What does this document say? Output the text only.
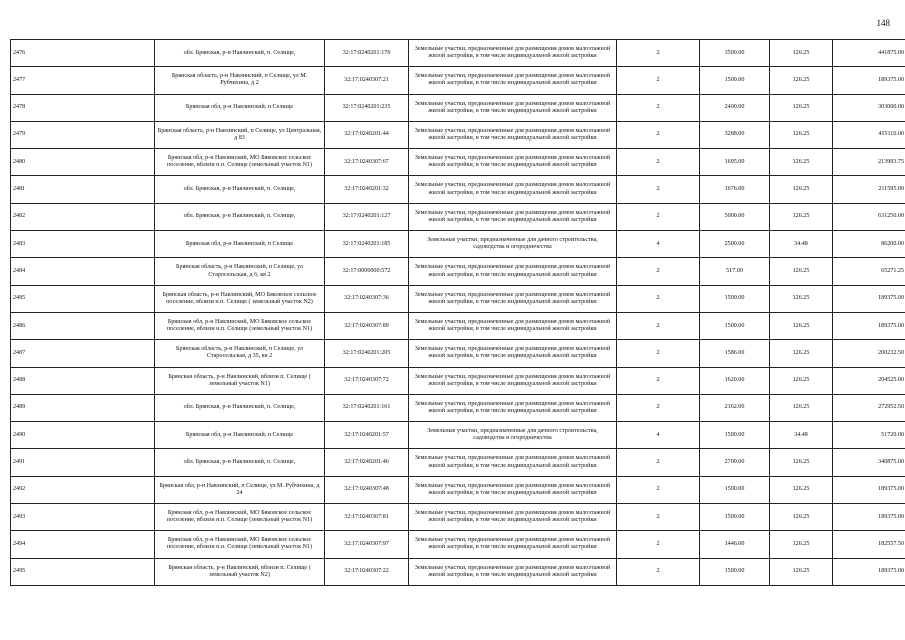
148
2476	обл. Брянская, р-н Навлинский, п. Селище,	32:17:0240201:170	Земельные участки, предназначенные для размещения домов малоэтажной жилой застройки, в том числе индивидуальной жилой застройки	2	3500.00	126.25	441875.00
2477	Брянская область, р-н Навлинский, п Селище, ул М. Рубчихина, д 2	32:17:0240307:21	Земельные участки, предназначенные для размещения домов малоэтажной жилой застройки, в том числе индивидуальной жилой застройки	2	1500.00	126.25	189375.00
2478	Брянская обл, р-н Навлинский, п Селище	32:17:0240201:235	Земельные участки, предназначенные для размещения домов малоэтажной жилой застройки, в том числе индивидуальной жилой застройки	2	2400.00	126.25	303000.00
2479	Брянская область, р-н Навлинский, п Селище, ул Центральная, д 83	32:17:0240201:44	Земельные участки, предназначенные для размещения домов малоэтажной жилой застройки, в том числе индивидуальной жилой застройки	2	3288.00	126.25	415110.00
2480	Брянская обл, р-н Навлинский, МО Бяковское сельское поселение, вблизи н.п. Селище (земельный участок N1)	32:17:0240307:67	Земельные участки, предназначенные для размещения домов малоэтажной жилой застройки, в том числе индивидуальной жилой застройки	2	1695.00	126.25	213993.75
2481	обл. Брянская, р-н Навлинский, п. Селище,	32:17:0240201:32	Земельные участки, предназначенные для размещения домов малоэтажной жилой застройки, в том числе индивидуальной жилой застройки	2	1676.00	126.25	211595.00
2482	обл. Брянская, р-н Навлинский, п. Селище,	32:17:0240201:127	Земельные участки, предназначенные для размещения домов малоэтажной жилой застройки, в том числе индивидуальной жилой застройки	2	5000.00	126.25	631250.00
2483	Брянская обл, р-н Навлинский, п Селище	32:17:0240201:185	Земельные участки, предназначенные для дачного строительства, садоводства и огородничества	4	2500.00	34.48	86200.00
2484	Брянская область, р-н Навлинский, п Селище, ул Старосельская, д 6, кв 2	32:17:0000000:572	Земельные участки, предназначенные для размещения домов малоэтажной жилой застройки, в том числе индивидуальной жилой застройки	2	517.00	126.25	65271.25
2485	Брянская область, р-н Навлинский, МО Бяковское сельское поселение, вблизи н.п. Селище ( земельный участок N2)	32:17:0240307:36	Земельные участки, предназначенные для размещения домов малоэтажной жилой застройки, в том числе индивидуальной жилой застройки	2	1500.00	126.25	189375.00
2486	Брянская обл, р-н Навлинский, МО Бяковское сельское поселение, вблизи н.п. Селище (земельный участок N1)	32:17:0240307:89	Земельные участки, предназначенные для размещения домов малоэтажной жилой застройки, в том числе индивидуальной жилой застройки	2	1500.00	126.25	189375.00
2487	Брянская область, р-н Навлинский, п Селище, ул Старосельская, д 35, кв 2	32:17:0240201:205	Земельные участки, предназначенные для размещения домов малоэтажной жилой застройки, в том числе индивидуальной жилой застройки	2	1586.00	126.25	200232.50
2488	Брянская область, р-н Навлинский, вблизи п. Селище ( земельный участок N1)	32:17:0240307:72	Земельные участки, предназначенные для размещения домов малоэтажной жилой застройки, в том числе индивидуальной жилой застройки	2	1620.00	126.25	204525.00
2489	обл. Брянская, р-н Навлинский, п. Селище,	32:17:0240201:161	Земельные участки, предназначенные для размещения домов малоэтажной жилой застройки, в том числе индивидуальной жилой застройки	2	2162.00	126.25	272952.50
2490	Брянская обл, р-н Навлинский, п Селище	32:17:0240201:57	Земельные участки, предназначенные для дачного строительства, садоводства и огородничества	4	1500.00	34.48	51720.00
2491	обл. Брянская, р-н Навлинский, п. Селище,	32:17:0240201:46	Земельные участки, предназначенные для размещения домов малоэтажной жилой застройки, в том числе индивидуальной жилой застройки	2	2700.00	126.25	340875.00
2492	Брянская обл, р-н Навлинский, п Селище, ул М. Рубчихина, д 24	32:17:0240307:48	Земельные участки, предназначенные для размещения домов малоэтажной жилой застройки, в том числе индивидуальной жилой застройки	2	1500.00	126.25	189375.00
2493	Брянская обл, р-н Навлинский, МО Бяковское сельское поселение, вблизи н.п. Селище (земельный участок N1)	32:17:0240307:81	Земельные участки, предназначенные для размещения домов малоэтажной жилой застройки, в том числе индивидуальной жилой застройки	2	1500.00	126.25	189375.00
2494	Брянская обл, р-н Навлинский, МО Бяковское сельское поселение, вблизи н.п. Селище (земельный участок N1)	32:17:0240307:97	Земельные участки, предназначенные для размещения домов малоэтажной жилой застройки, в том числе индивидуальной жилой застройки	2	1446.00	126.25	182557.50
2495	Брянская область, р-н Навлинский, вблизи п. Селище ( земельный участок N2)	32:17:0240307:22	Земельные участки, предназначенные для размещения домов малоэтажной жилой застройки, в том числе индивидуальной жилой застройки	2	1500.00	126.25	189375.00
